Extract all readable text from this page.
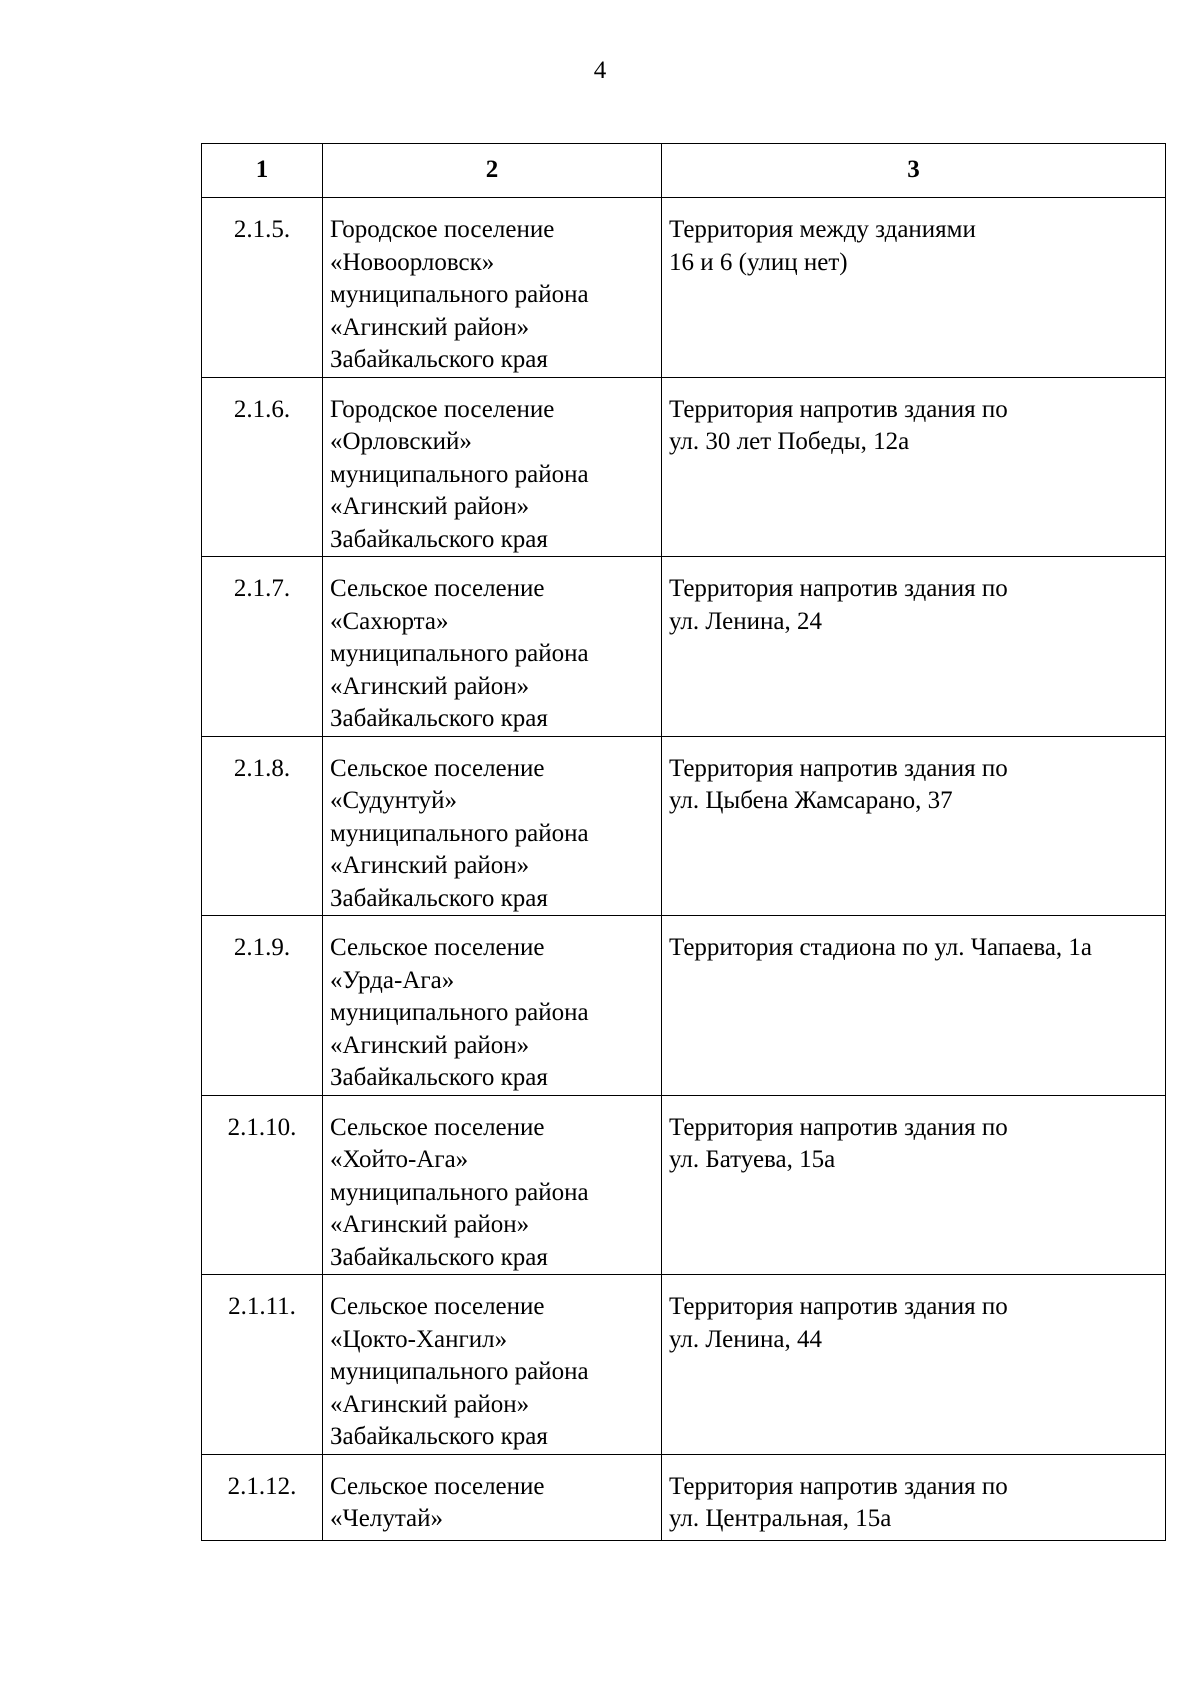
4
1	2	3
2.1.5.	Городское поселение
«Новоорловск»
муниципального района
«Агинский район»
Забайкальского края	Территория между зданиями
16 и 6 (улиц нет)

2.1.6.	Городское поселение
«Орловский»
муниципального района
«Агинский район»
Забайкальского края	Территория напротив здания по
ул. 30 лет Победы, 12а

2.1.7.	Сельское поселение
«Сахюрта»
муниципального района
«Агинский район»
Забайкальского края	Территория напротив здания по
ул. Ленина, 24

2.1.8.	Сельское поселение
«Судунтуй»
муниципального района
«Агинский район»
Забайкальского края	Территория напротив здания по
ул. Цыбена Жамсарано, 37

2.1.9.	Сельское поселение
«Урда-Ага»
муниципального района
«Агинский район»
Забайкальского края	Территория стадиона по ул. Чапаева, 1а

2.1.10.	Сельское поселение
«Хойто-Ага»
муниципального района
«Агинский район»
Забайкальского края	Территория напротив здания по
ул. Батуева, 15а

2.1.11.	Сельское поселение
«Цокто-Хангил»
муниципального района
«Агинский район»
Забайкальского края	Территория напротив здания по
ул. Ленина, 44

2.1.12.	Сельское поселение
«Челутай»	Территория напротив здания по
ул. Центральная, 15а
